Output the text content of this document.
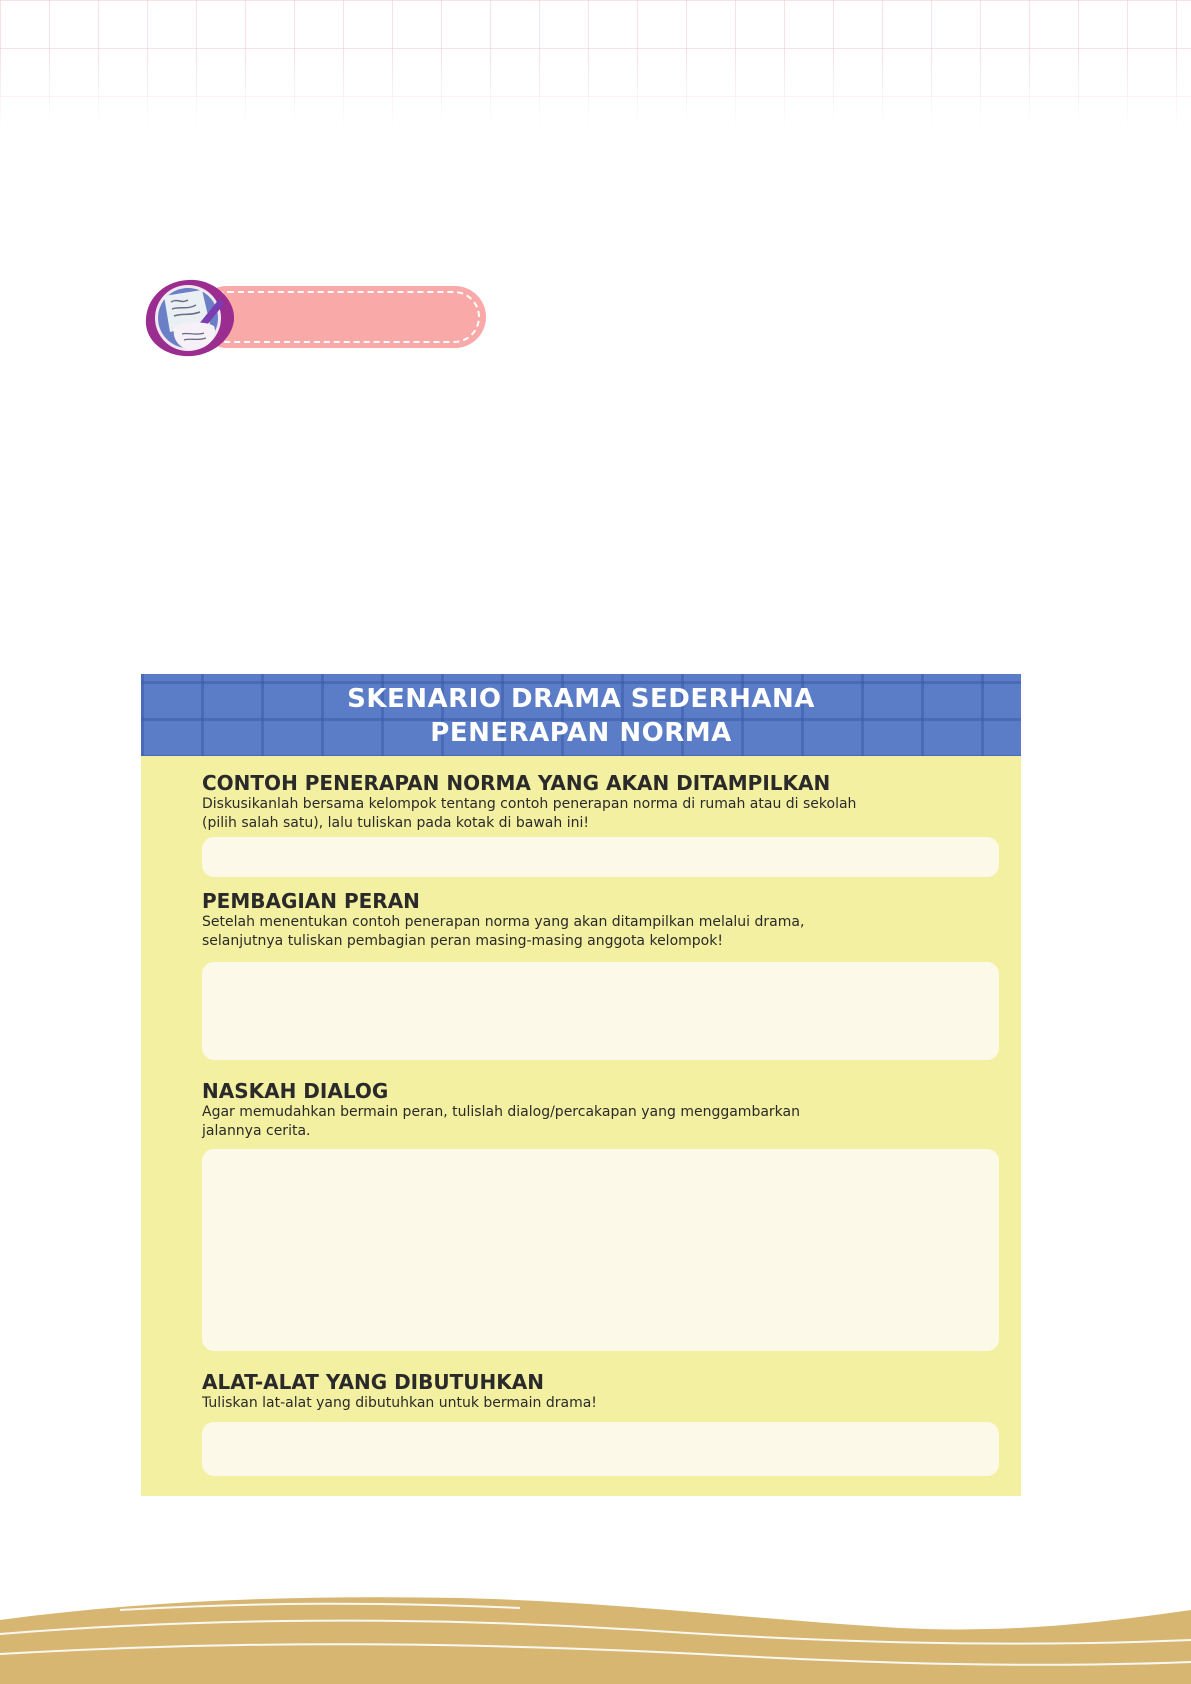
SKENARIO DRAMA SEDERHANA
PENERAPAN NORMA
CONTOH PENERAPAN NORMA YANG AKAN DITAMPILKAN
Diskusikanlah bersama kelompok tentang contoh penerapan norma di rumah atau di sekolah
(pilih salah satu), lalu tuliskan pada kotak di bawah ini!
PEMBAGIAN PERAN
Setelah menentukan contoh penerapan norma yang akan ditampilkan melalui drama,
selanjutnya tuliskan pembagian peran masing-masing anggota kelompok!
NASKAH DIALOG
Agar memudahkan bermain peran, tulislah dialog/percakapan yang menggambarkan
jalannya cerita.
ALAT-ALAT YANG DIBUTUHKAN
Tuliskan lat-alat yang dibutuhkan untuk bermain drama!
